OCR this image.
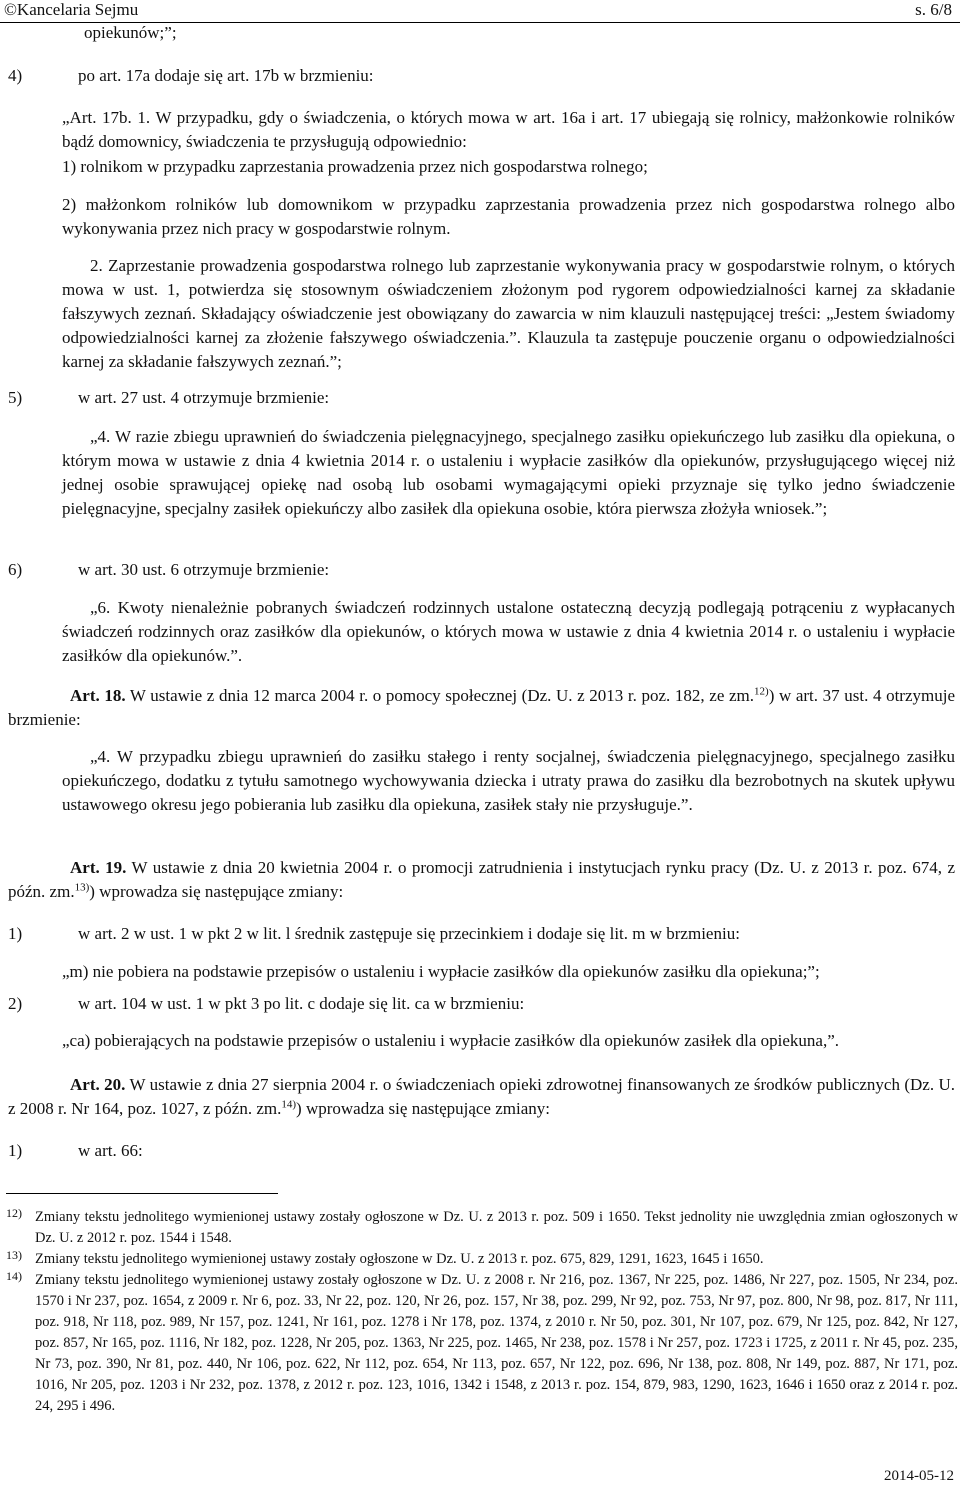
©Kancelaria Sejmu	s. 6/8
opiekunów;”;
4)	po art. 17a dodaje się art. 17b w brzmieniu:
„Art. 17b. 1. W przypadku, gdy o świadczenia, o których mowa w art. 16a i art. 17 ubiegają się rolnicy, małżonkowie rolników bądź domownicy, świadczenia te przysługują odpowiednio:
1) rolnikom w przypadku zaprzestania prowadzenia przez nich gospodarstwa rolnego;
2) małżonkom rolników lub domownikom w przypadku zaprzestania prowadzenia przez nich gospodarstwa rolnego albo wykonywania przez nich pracy w gospodarstwie rolnym.
2. Zaprzestanie prowadzenia gospodarstwa rolnego lub zaprzestanie wykonywania pracy w gospodarstwie rolnym, o których mowa w ust. 1, potwierdza się stosownym oświadczeniem złożonym pod rygorem odpowiedzialności karnej za składanie fałszywych zeznań. Składający oświadczenie jest obowiązany do zawarcia w nim klauzuli następującej treści: „Jestem świadomy odpowiedzialności karnej za złożenie fałszywego oświadczenia.”. Klauzula ta zastępuje pouczenie organu o odpowiedzialności karnej za składanie fałszywych zeznań.”;
5)	w art. 27 ust. 4 otrzymuje brzmienie:
„4. W razie zbiegu uprawnień do świadczenia pielęgnacyjnego, specjalnego zasiłku opiekuńczego lub zasiłku dla opiekuna, o którym mowa w ustawie z dnia 4 kwietnia 2014 r. o ustaleniu i wypłacie zasiłków dla opiekunów, przysługującego więcej niż jednej osobie sprawującej opiekę nad osobą lub osobami wymagającymi opieki przyznaje się tylko jedno świadczenie pielęgnacyjne, specjalny zasiłek opiekuńczy albo zasiłek dla opiekuna osobie, która pierwsza złożyła wniosek.”;
6)	w art. 30 ust. 6 otrzymuje brzmienie:
„6. Kwoty nienależnie pobranych świadczeń rodzinnych ustalone ostateczną decyzją podlegają potrąceniu z wypłacanych świadczeń rodzinnych oraz zasiłków dla opiekunów, o których mowa w ustawie z dnia 4 kwietnia 2014 r. o ustaleniu i wypłacie zasiłków dla opiekunów.”.
Art. 18. W ustawie z dnia 12 marca 2004 r. o pomocy społecznej (Dz. U. z 2013 r. poz. 182, ze zm.$^{12)}$) w art. 37 ust. 4 otrzymuje brzmienie:
„4. W przypadku zbiegu uprawnień do zasiłku stałego i renty socjalnej, świadczenia pielęgnacyjnego, specjalnego zasiłku opiekuńczego, dodatku z tytułu samotnego wychowywania dziecka i utraty prawa do zasiłku dla bezrobotnych na skutek upływu ustawowego okresu jego pobierania lub zasiłku dla opiekuna, zasiłek stały nie przysługuje.”.
Art. 19. W ustawie z dnia 20 kwietnia 2004 r. o promocji zatrudnienia i instytucjach rynku pracy (Dz. U. z 2013 r. poz. 674, z późn. zm.$^{13)}$) wprowadza się następujące zmiany:
1)	w art. 2 w ust. 1 w pkt 2 w lit. l średnik zastępuje się przecinkiem i dodaje się lit. m w brzmieniu:
„m) nie pobiera na podstawie przepisów o ustaleniu i wypłacie zasiłków dla opiekunów zasiłku dla opiekuna;”;
2)	w art. 104 w ust. 1 w pkt 3 po lit. c dodaje się lit. ca w brzmieniu:
„ca) pobierających na podstawie przepisów o ustaleniu i wypłacie zasiłków dla opiekunów zasiłek dla opiekuna,”.
Art. 20. W ustawie z dnia 27 sierpnia 2004 r. o świadczeniach opieki zdrowotnej finansowanych ze środków publicznych (Dz. U. z 2008 r. Nr 164, poz. 1027, z późn. zm.$^{14)}$) wprowadza się następujące zmiany:
1)	w art. 66:
12) Zmiany tekstu jednolitego wymienionej ustawy zostały ogłoszone w Dz. U. z 2013 r. poz. 509 i 1650. Tekst jednolity nie uwzględnia zmian ogłoszonych w Dz. U. z 2012 r. poz. 1544 i 1548.
13) Zmiany tekstu jednolitego wymienionej ustawy zostały ogłoszone w Dz. U. z 2013 r. poz. 675, 829, 1291, 1623, 1645 i 1650.
14) Zmiany tekstu jednolitego wymienionej ustawy zostały ogłoszone w Dz. U. z 2008 r. Nr 216, poz. 1367, Nr 225, poz. 1486, Nr 227, poz. 1505, Nr 234, poz. 1570 i Nr 237, poz. 1654, z 2009 r. Nr 6, poz. 33, Nr 22, poz. 120, Nr 26, poz. 157, Nr 38, poz. 299, Nr 92, poz. 753, Nr 97, poz. 800, Nr 98, poz. 817, Nr 111, poz. 918, Nr 118, poz. 989, Nr 157, poz. 1241, Nr 161, poz. 1278 i Nr 178, poz. 1374, z 2010 r. Nr 50, poz. 301, Nr 107, poz. 679, Nr 125, poz. 842, Nr 127, poz. 857, Nr 165, poz. 1116, Nr 182, poz. 1228, Nr 205, poz. 1363, Nr 225, poz. 1465, Nr 238, poz. 1578 i Nr 257, poz. 1723 i 1725, z 2011 r. Nr 45, poz. 235, Nr 73, poz. 390, Nr 81, poz. 440, Nr 106, poz. 622, Nr 112, poz. 654, Nr 113, poz. 657, Nr 122, poz. 696, Nr 138, poz. 808, Nr 149, poz. 887, Nr 171, poz. 1016, Nr 205, poz. 1203 i Nr 232, poz. 1378, z 2012 r. poz. 123, 1016, 1342 i 1548, z 2013 r. poz. 154, 879, 983, 1290, 1623, 1646 i 1650 oraz z 2014 r. poz. 24, 295 i 496.
2014-05-12
